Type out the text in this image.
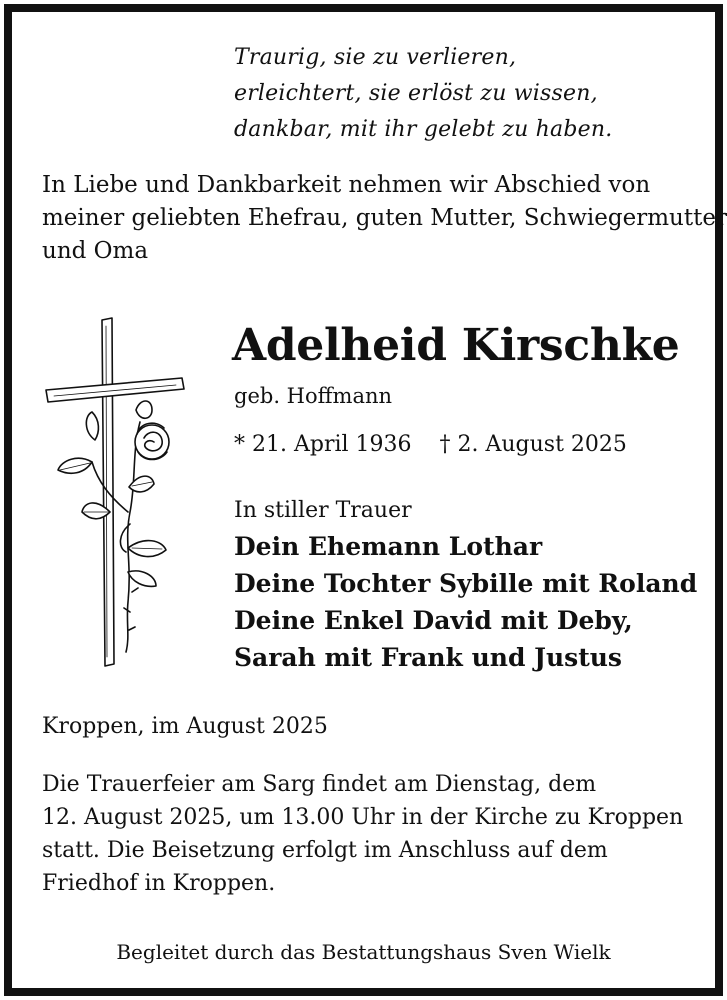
Traurig, sie zu verlieren,
erleichtert, sie erlöst zu wissen,
dankbar, mit ihr gelebt zu haben.
In Liebe und Dankbarkeit nehmen wir Abschied von
meiner geliebten Ehefrau, guten Mutter, Schwiegermutter
und Oma
Adelheid Kirschke
geb. Hoffmann
* 21. April 1936 † 2. August 2025
In stiller Trauer
Dein Ehemann Lothar
Deine Tochter Sybille mit Roland
Deine Enkel David mit Deby,
Sarah mit Frank und Justus
Kroppen, im August 2025
Die Trauerfeier am Sarg findet am Dienstag, dem
12. August 2025, um 13.00 Uhr in der Kirche zu Kroppen
statt. Die Beisetzung erfolgt im Anschluss auf dem
Friedhof in Kroppen.
Begleitet durch das Bestattungshaus Sven Wielk
